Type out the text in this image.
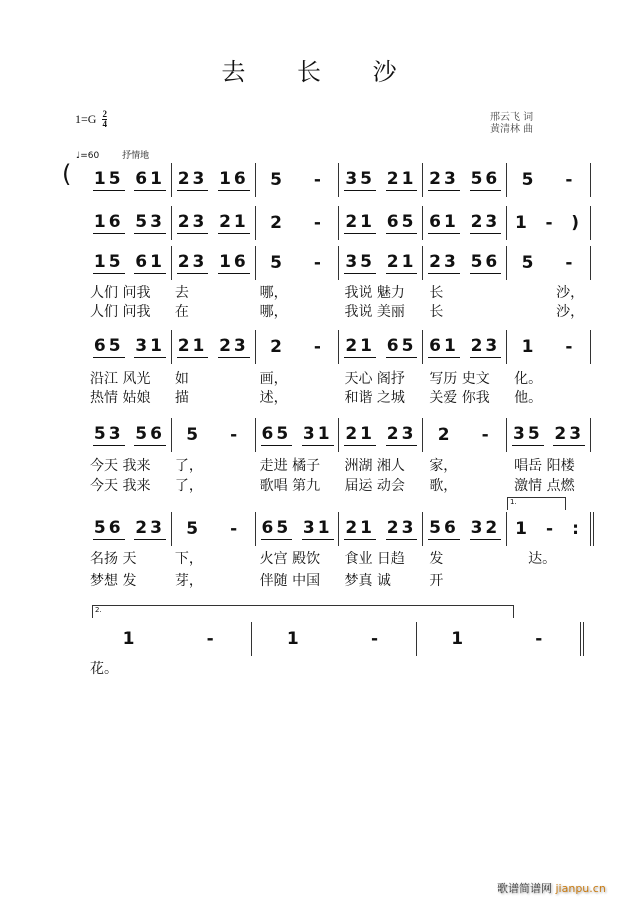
去 长 沙
$1=G \frac{2}{4}$	邢云飞 词
黄清林 曲
♩=60	抒情地
(
1.
2.
15 61 23 16 5 - 35 21 23 56 5 -
16 53 23 21 2 - 21 65 61 23 1 - )
15 61 23 16 5 - 35 21 23 56 5 -
人们 问我	去	哪，	我说 魅力	长	　　　沙，
人们 问我	在	哪，	我说 美丽	长	　　　沙，
65 31 21 23 2 - 21 65 61 23 1 -
沿江 风光	如	画，	天心 阁抒	写历 史文	化。
热情 姑娘	描	述，	和谐 之城	关爱 你我	他。
53 56 5 - 65 31 21 23 2 - 35 23
今天 我来	了，	走进 橘子	洲湖 湘人	家，	唱岳 阳楼
今天 我来	了，	歌唱 第九	届运 动会	歌，	激情 点燃
56 23 5 - 65 31 21 23 56 32 1 - :
名扬 天	下，	火宫 殿饮	食业 日趋	发	　达。
梦想 发	芽，	伴随 中国	梦真 诚	开
1	-	1	-	1	-
花。
歌谱简谱网 jianpu.cn
